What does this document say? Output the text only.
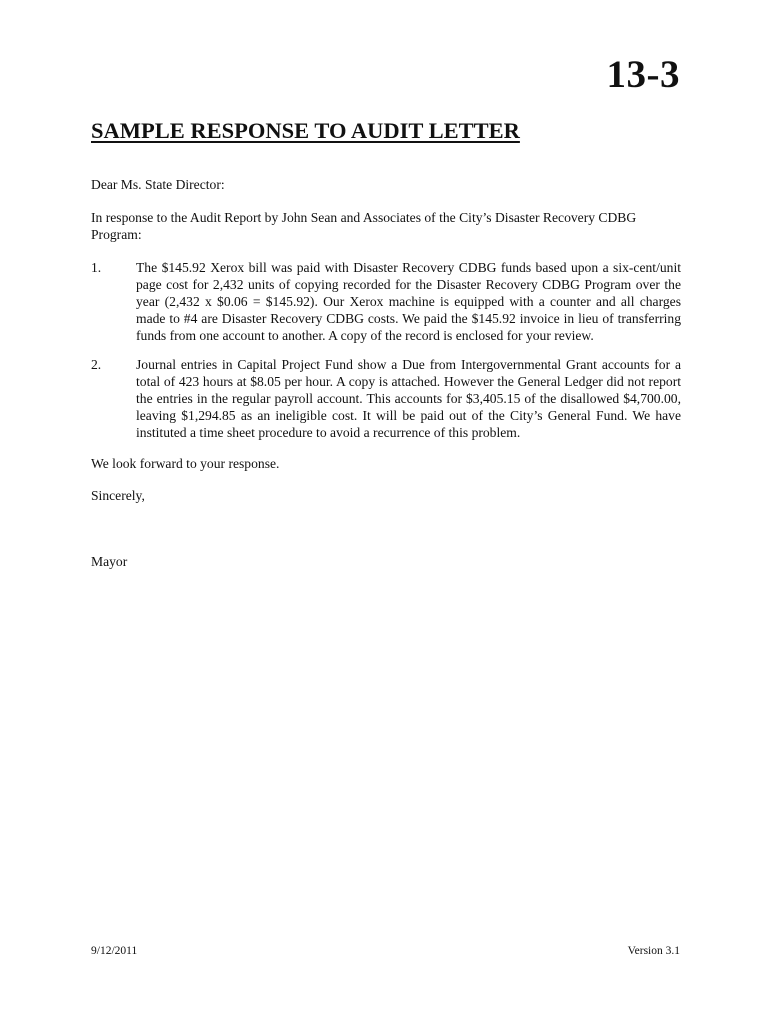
13-3
SAMPLE RESPONSE TO AUDIT LETTER
Dear Ms. State Director:
In response to the Audit Report by John Sean and Associates of the City’s Disaster Recovery CDBG Program:
1.	The $145.92 Xerox bill was paid with Disaster Recovery CDBG funds based upon a six-cent/unit page cost for 2,432 units of copying recorded for the Disaster Recovery CDBG Program over the year (2,432 x $0.06 = $145.92). Our Xerox machine is equipped with a counter and all charges made to #4 are Disaster Recovery CDBG costs. We paid the $145.92 invoice in lieu of transferring funds from one account to another. A copy of the record is enclosed for your review.
2.	Journal entries in Capital Project Fund show a Due from Intergovernmental Grant accounts for a total of 423 hours at $8.05 per hour. A copy is attached. However the General Ledger did not report the entries in the regular payroll account. This accounts for $3,405.15 of the disallowed $4,700.00, leaving $1,294.85 as an ineligible cost. It will be paid out of the City’s General Fund. We have instituted a time sheet procedure to avoid a recurrence of this problem.
We look forward to your response.
Sincerely,
Mayor
9/12/2011	Version 3.1
